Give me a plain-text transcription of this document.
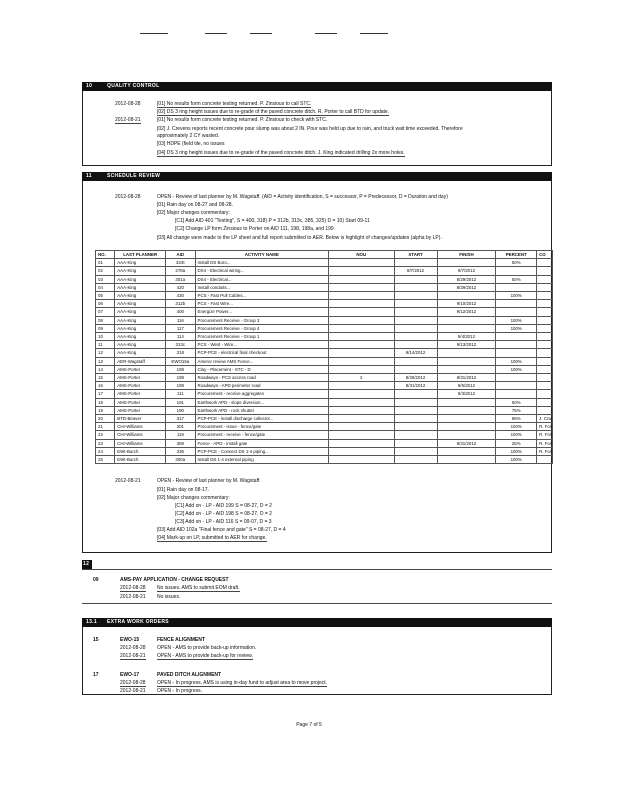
10	QUALITY CONTROL
2012-08-28	[01] No results form concrete testing returned. P. Zinsious to call STC.
[02] DS 3 ring height issues due to re-grade of the paved concrete ditch. R. Porter to call BTD for update.
2012-08-21	[01] No results form concrete testing returned. P. Zinsious to check with STC.
[02] J. Crevens reports recent concrete pour slump was about 2 IN. Pour was held up due to rain, and truck wait time exceeded. Therefore
approximately 2 CY wasted.
[03] HDPE (field tile, no issues
[04] DS 3 ring height issues due to re-grade of the paved concrete ditch. J. King indicated drilling 2x more holes.
11	SCHEDULE REVIEW
2012-08-28	OPEN - Review of last planner by M. Wagstaff. (AID = Activity identification, S = successor, P = Predecessor, D = Duration and day)
[01] Rain day on 08-27 and 08-28.
[02] Major changes commentary:
[C1] Add AID 401 "Testing", S = 400, 318) P = 312b, 313c, 385, 325) D = 10) Start 09-11
[C2] Change LP form Zinsious to Porter on AID 111, 198, 198a, and 199
[03] All change were made to the LP sheet and full report submitted to AER. Below is highlight of changes/updates (alpha by LP).
NO.	LAST PLANNER	AID	ACTIVITY NAME	NOU	START	FINISH	PERCENT	CO
01	AAA-King	324t	Install DS Boro...				50%	
02	AAA-King	278a	DS4 - Electrical wiring...		8/7/2012	9/7/2012		
03	AAA-King	301a	DS4 - Electrical...			8/29/2012	50%	
04	AAA-King	420	Install conduits...			8/29/2012		
05	AAA-King	430	PCS - Fast Pull Cables...				100%	
06	AAA-King	312b	PCS - Fast Wire...			9/10/2012		
07	AAA-King	400	Energize Power...			9/12/2012		
08	AAA-King	116	Procurement Receive - Group 3				100%	
09	AAA-King	117	Procurement Receive - Group 4				100%	
10	AAA-King	114	Procurement Receive - Group 1			9/4/2012		
11	AAA-King	313c	PCS - West - Wire...			9/13/2012		
12	AAA-King	318	PCP-PCE - electrical final checkout		9/14/2012			
13	AER-Wagstaff	EWO15a	Ameror review AMS Fence...				100%	
14	AMS-Porter	198	Clay - Placement - STC - D				100%	
15	AMS-Porter	199	Roadways - PCS access road	2	8/29/2012	8/31/2012		
16	AMS-Porter	198	Roadways - APD perimeter road		8/31/2012	9/6/2012		
17	AMS-Porter	111	Procurement - receive aggregates			9/3/2012		
18	AMS-Porter	191	Earthwork APD - slope diversion...				50%	
19	AMS-Porter	190	Earthwork APD - rock shutter				75%	
20	BTD-Beaver	317	PCP-PCE - install discharge collector...				95%	J. Cra
21	CHI-Williams	301	Procurement - issue - fence/gate				100%	R. For
22	CHI-Williams	119	Procurement - receive - fence/gate				100%	R. For
23	CHI-Williams	359	Fence - APD - install gate			8/31/2012	25%	R. For
24	EWI-Burch	336	PCP-PCE - Connect DS 1-4 piping...				100%	R. For
25	EWI-Burch	300a	Install DS 1-4 external piping				100%	
2012-08-21	OPEN - Review of last planner by M. Wagstaff.
[01] Rain day on 08-17.
[02] Major changes commentary:
[C1] Add on - LP - AID 199 S = 08-27, D = 2
[C2] Add on - LP - AID 198 S = 08-27, D = 2
[C3] Add on - LP - AID 116 S = 09-07, D = 3
[03] Add AID 102a "Final fence and gate" S = 08-27, D = 4
[04] Mark-up on LP, submitted to AER for change.
12
09	AMS-PAY APPLICATION - CHANGE REQUEST
2012-08-28 No issues. AMS to submit EOM draft.
2012-08-21 No issues.
13.1 EXTRA WORK ORDERS
15	EWO-15	FENCE ALIGNMENT
2012-08-28 OPEN - AMS to provide back-up information.
2012-08-21 OPEN - AMS to provide back-up for review.
17	EWO-17	PAVED DITCH ALIGNMENT
2012-08-28 OPEN - In progress. AMS is using in-day fund to adjust area to move project.
2012-08-21 OPEN - In progress.
Page 7 of 5
